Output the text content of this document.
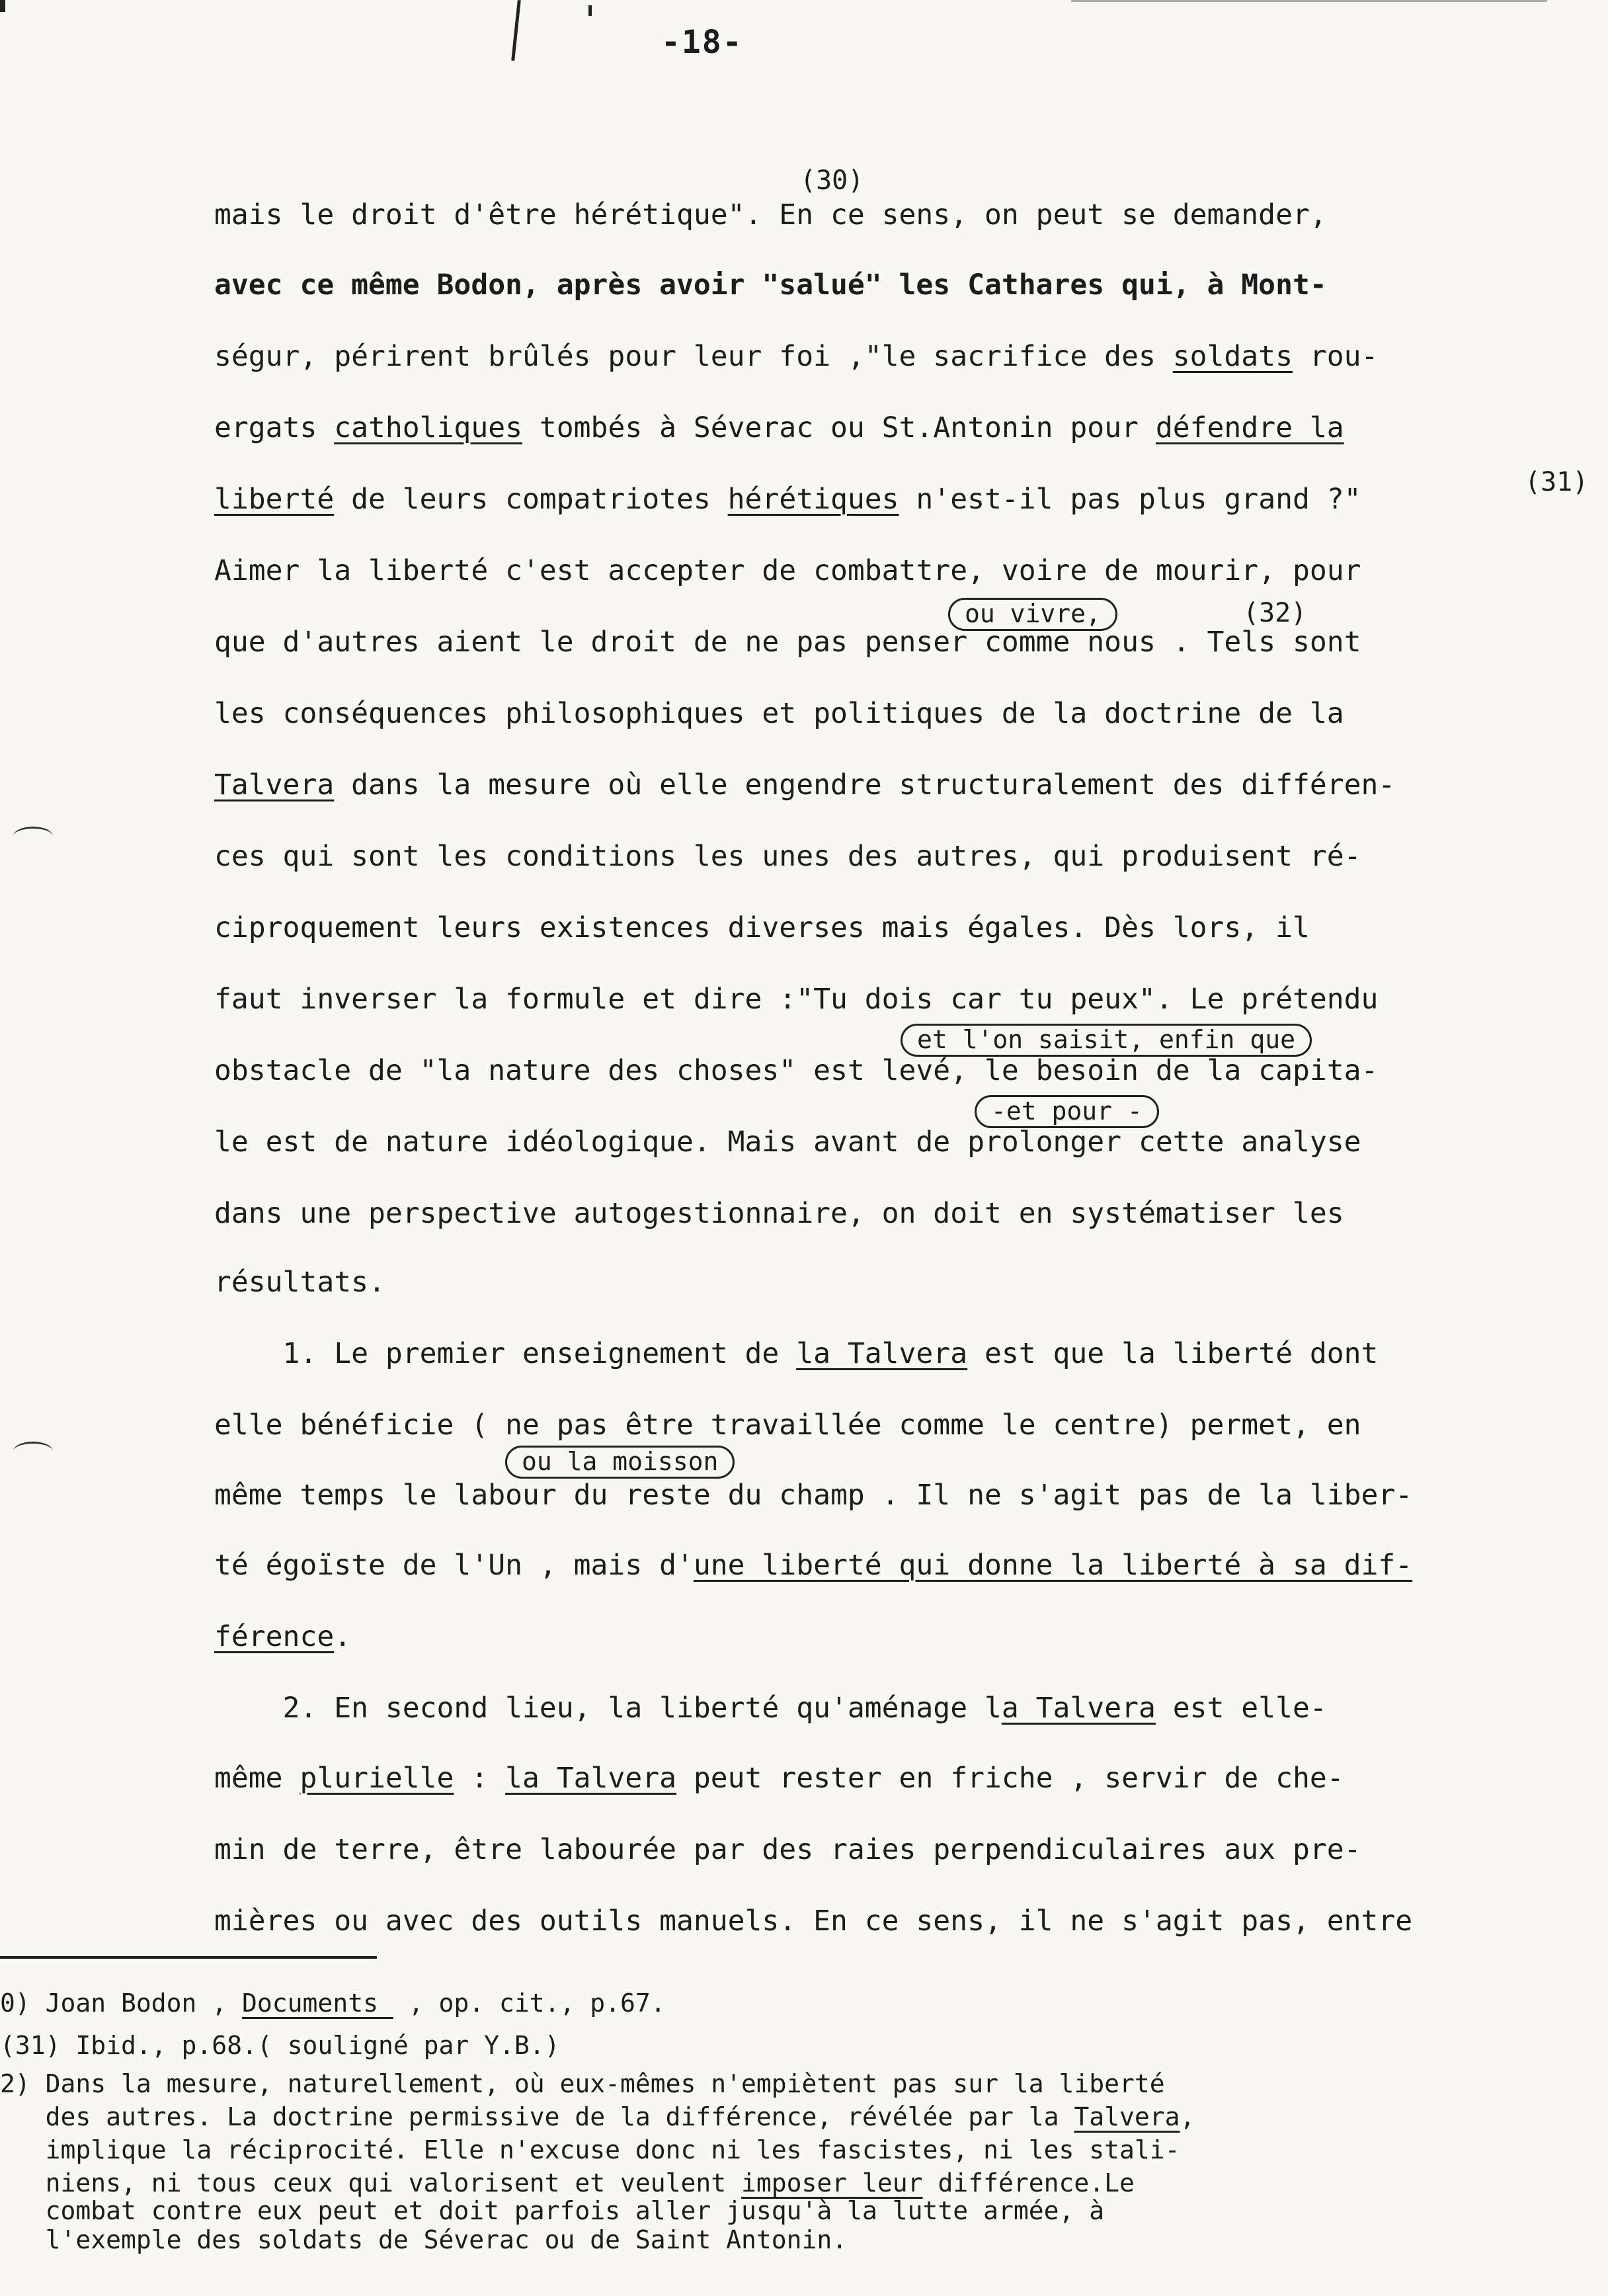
-18-
(30)
mais le droit d'être hérétique". En ce sens, on peut se demander,
avec ce même Bodon, après avoir "salué" les Cathares qui, à Mont-
ségur, périrent brûlés pour leur foi ,"le sacrifice des soldats rou-
ergats catholiques tombés à Séverac ou St.Antonin pour défendre la
liberté de leurs compatriotes hérétiques n'est-il pas plus grand ?"
(31)
Aimer la liberté c'est accepter de combattre, voire de mourir, pour
ou vivre,	(32)
que d'autres aient le droit de ne pas penser comme nous . Tels sont
les conséquences philosophiques et politiques de la doctrine de la
Talvera dans la mesure où elle engendre structuralement des différen-
ces qui sont les conditions les unes des autres, qui produisent ré-
ciproquement leurs existences diverses mais égales. Dès lors, il
faut inverser la formule et dire :"Tu dois car tu peux". Le prétendu
et l'on saisit, enfin que
obstacle de "la nature des choses" est levé, le besoin de la capita-
-et pour -
le est de nature idéologique. Mais avant de prolonger cette analyse
dans une perspective autogestionnaire, on doit en systématiser les
résultats.
1. Le premier enseignement de la Talvera est que la liberté dont
elle bénéficie ( ne pas être travaillée comme le centre) permet, en
ou la moisson
même temps le labour du reste du champ . Il ne s'agit pas de la liber-
té égoïste de l'Un , mais d'une liberté qui donne la liberté à sa dif-
férence.
2. En second lieu, la liberté qu'aménage la Talvera est elle-
même plurielle : la Talvera peut rester en friche , servir de che-
min de terre, être labourée par des raies perpendiculaires aux pre-
mières ou avec des outils manuels. En ce sens, il ne s'agit pas, entre
0) Joan Bodon , Documents  , op. cit., p.67.
(31) Ibid., p.68.( souligné par Y.B.)
2) Dans la mesure, naturellement, où eux-mêmes n'empiètent pas sur la liberté
des autres. La doctrine permissive de la différence, révélée par la Talvera,
implique la réciprocité. Elle n'excuse donc ni les fascistes, ni les stali-
niens, ni tous ceux qui valorisent et veulent imposer leur différence.Le
combat contre eux peut et doit parfois aller jusqu'à la lutte armée, à
l'exemple des soldats de Séverac ou de Saint Antonin.
